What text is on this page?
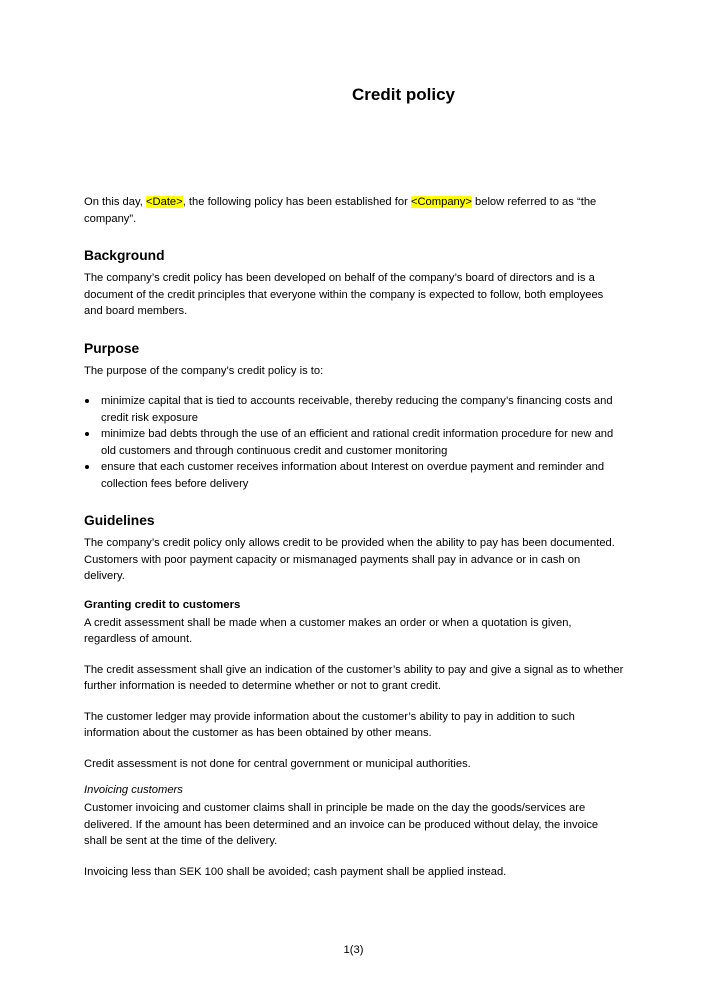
Credit policy

On this day, <Date>, the following policy has been established for <Company> below referred to as “the company”.

Background

The company’s credit policy has been developed on behalf of the company’s board of directors and is a document of the credit principles that everyone within the company is expected to follow, both employees and board members.

Purpose

The purpose of the company’s credit policy is to:

minimize capital that is tied to accounts receivable, thereby reducing the company’s financing costs and credit risk exposure
minimize bad debts through the use of an efficient and rational credit information procedure for new and old customers and through continuous credit and customer monitoring
ensure that each customer receives information about Interest on overdue payment and reminder and collection fees before delivery
Guidelines

The company’s credit policy only allows credit to be provided when the ability to pay has been documented. Customers with poor payment capacity or mismanaged payments shall pay in advance or in cash on delivery.

Granting credit to customers

A credit assessment shall be made when a customer makes an order or when a quotation is given, regardless of amount.

The credit assessment shall give an indication of the customer’s ability to pay and give a signal as to whether further information is needed to determine whether or not to grant credit.

The customer ledger may provide information about the customer’s ability to pay in addition to such information about the customer as has been obtained by other means.

Credit assessment is not done for central government or municipal authorities.

Invoicing customers

Customer invoicing and customer claims shall in principle be made on the day the goods/services are delivered. If the amount has been determined and an invoice can be produced without delay, the invoice shall be sent at the time of the delivery.

Invoicing less than SEK 100 shall be avoided; cash payment shall be applied instead.

1(3)
